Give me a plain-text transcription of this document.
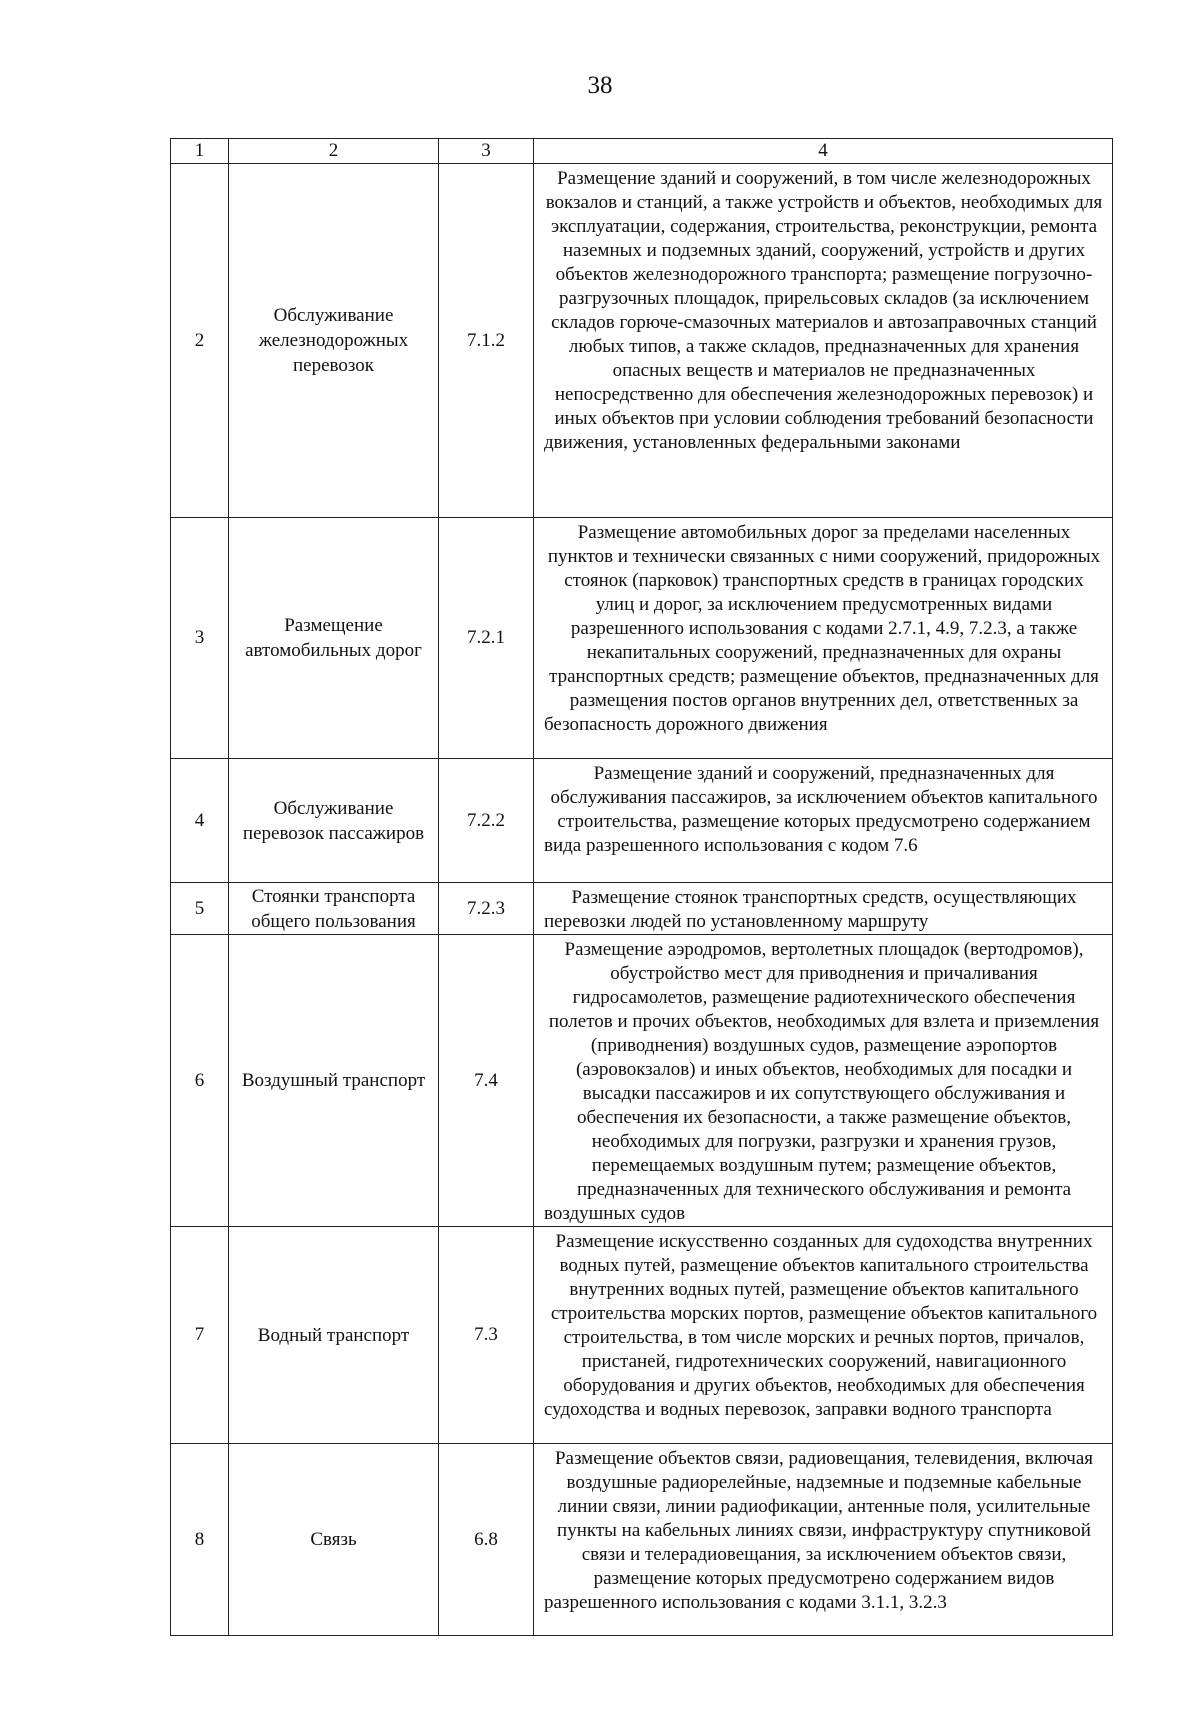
38
1	2	3	4
2	Обслуживание железнодорожных перевозок	7.1.2	Размещение зданий и сооружений, в том числе железнодорожных вокзалов и станций, а также устройств и объектов, необходимых для эксплуатации, содержания, строительства, реконструкции, ремонта наземных и подземных зданий, сооружений, устройств и других объектов железнодорожного транспорта; размещение погрузочно-разгрузочных площадок, прирельсовых складов (за исключением складов горюче-смазочных материалов и автозаправочных станций любых типов, а также складов, предназначенных для хранения опасных веществ и материалов не предназначенных непосредственно для обеспечения железнодорожных перевозок) и иных объектов при условии соблюдения требований безопасности движения, установленных федеральными законами
3	Размещение автомобильных дорог	7.2.1	Размещение автомобильных дорог за пределами населенных пунктов и технически связанных с ними сооружений, придорожных стоянок (парковок) транспортных средств в границах городских улиц и дорог, за исключением предусмотренных видами разрешенного использования с кодами 2.7.1, 4.9, 7.2.3, а также некапитальных сооружений, предназначенных для охраны транспортных средств; размещение объектов, предназначенных для размещения постов органов внутренних дел, ответственных за безопасность дорожного движения
4	Обслуживание перевозок пассажиров	7.2.2	Размещение зданий и сооружений, предназначенных для обслуживания пассажиров, за исключением объектов капитального строительства, размещение которых предусмотрено содержанием вида разрешенного использования с кодом 7.6
5	Стоянки транспорта общего пользования	7.2.3	Размещение стоянок транспортных средств, осуществляющих перевозки людей по установленному маршруту
6	Воздушный транспорт	7.4	Размещение аэродромов, вертолетных площадок (вертодромов), обустройство мест для приводнения и причаливания гидросамолетов, размещение радиотехнического обеспечения полетов и прочих объектов, необходимых для взлета и приземления (приводнения) воздушных судов, размещение аэропортов (аэровокзалов) и иных объектов, необходимых для посадки и высадки пассажиров и их сопутствующего обслуживания и обеспечения их безопасности, а также размещение объектов, необходимых для погрузки, разгрузки и хранения грузов, перемещаемых воздушным путем; размещение объектов, предназначенных для технического обслуживания и ремонта воздушных судов
7	Водный транспорт	7.3	Размещение искусственно созданных для судоходства внутренних водных путей, размещение объектов капитального строительства внутренних водных путей, размещение объектов капитального строительства морских портов, размещение объектов капитального строительства, в том числе морских и речных портов, причалов, пристаней, гидротехнических сооружений, навигационного оборудования и других объектов, необходимых для обеспечения судоходства и водных перевозок, заправки водного транспорта
8	Связь	6.8	Размещение объектов связи, радиовещания, телевидения, включая воздушные радиорелейные, надземные и подземные кабельные линии связи, линии радиофикации, антенные поля, усилительные пункты на кабельных линиях связи, инфраструктуру спутниковой связи и телерадиовещания, за исключением объектов связи, размещение которых предусмотрено содержанием видов разрешенного использования с кодами 3.1.1, 3.2.3
